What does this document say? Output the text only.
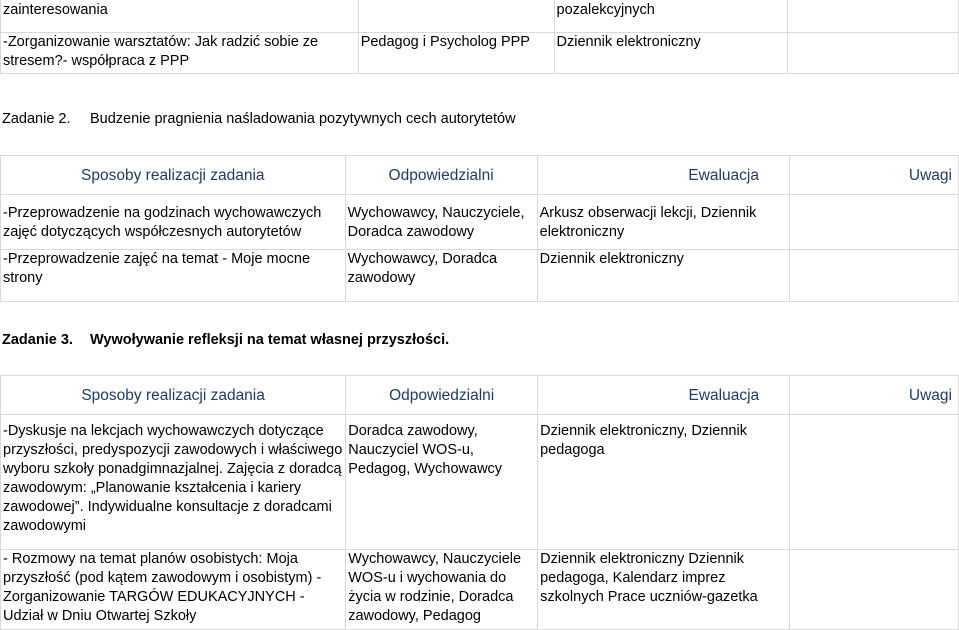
zainteresowania		pozalekcyjnych	
-Zorganizowanie warsztatów: Jak radzić sobie ze stresem?- współpraca z PPP	Pedagog i Psycholog PPP	Dziennik elektroniczny	
Zadanie 2. Budzenie pragnienia naśladowania pozytywnych cech autorytetów
Sposoby realizacji zadania	Odpowiedzialni	Ewaluacja	Uwagi
-Przeprowadzenie na godzinach wychowawczych zajęć dotyczących współczesnych autorytetów	Wychowawcy, Nauczyciele, Doradca zawodowy	Arkusz obserwacji lekcji, Dziennik elektroniczny	
-Przeprowadzenie zajęć na temat - Moje mocne strony	Wychowawcy, Doradca zawodowy	Dziennik elektroniczny	
Zadanie 3. Wywoływanie refleksji na temat własnej przyszłości.
Sposoby realizacji zadania	Odpowiedzialni	Ewaluacja	Uwagi
-Dyskusje na lekcjach wychowawczych dotyczące przyszłości, predyspozycji zawodowych i właściwego wyboru szkoły ponadgimnazjalnej. Zajęcia z doradcą zawodowym: „Planowanie kształcenia i kariery zawodowej”. Indywidualne konsultacje z doradcami zawodowymi	Doradca zawodowy, Nauczyciel WOS-u, Pedagog, Wychowawcy	Dziennik elektroniczny, Dziennik pedagoga	
- Rozmowy na temat planów osobistych: Moja przyszłość (pod kątem zawodowym i osobistym) - Zorganizowanie TARGÓW EDUKACYJNYCH - Udział w Dniu Otwartej Szkoły	Wychowawcy, Nauczyciele WOS-u i wychowania do życia w rodzinie, Doradca zawodowy, Pedagog	Dziennik elektroniczny Dziennik pedagoga, Kalendarz imprez szkolnych Prace uczniów-gazetka	
